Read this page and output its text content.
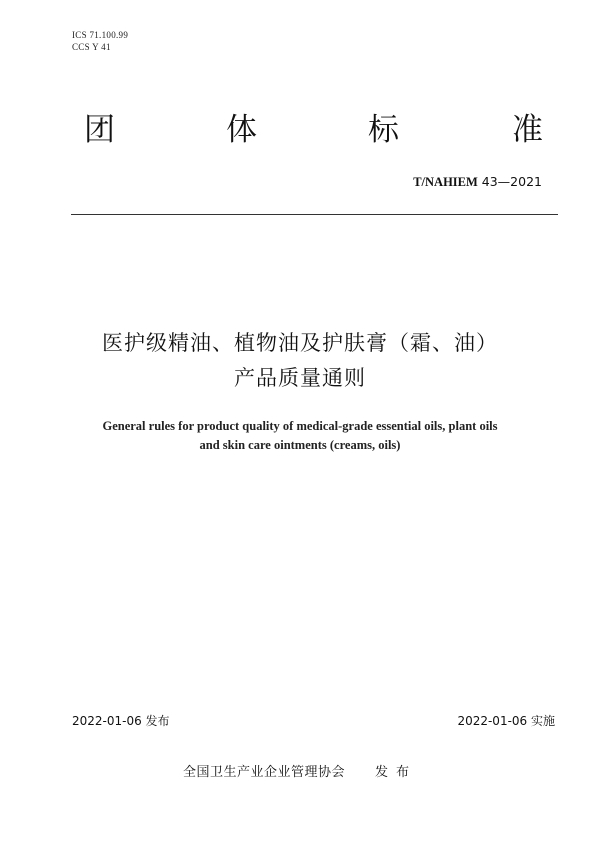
ICS 71.100.99
CCS Y 41
团	体	标	准
T/NAHIEM 43—2021
医护级精油、植物油及护肤膏（霜、油）
产品质量通则
General rules for product quality of medical-grade essential oils, plant oils
and skin care ointments (creams, oils)
2022-01-06 发布	2022-01-06 实施
全国卫生产业企业管理协会 发布
